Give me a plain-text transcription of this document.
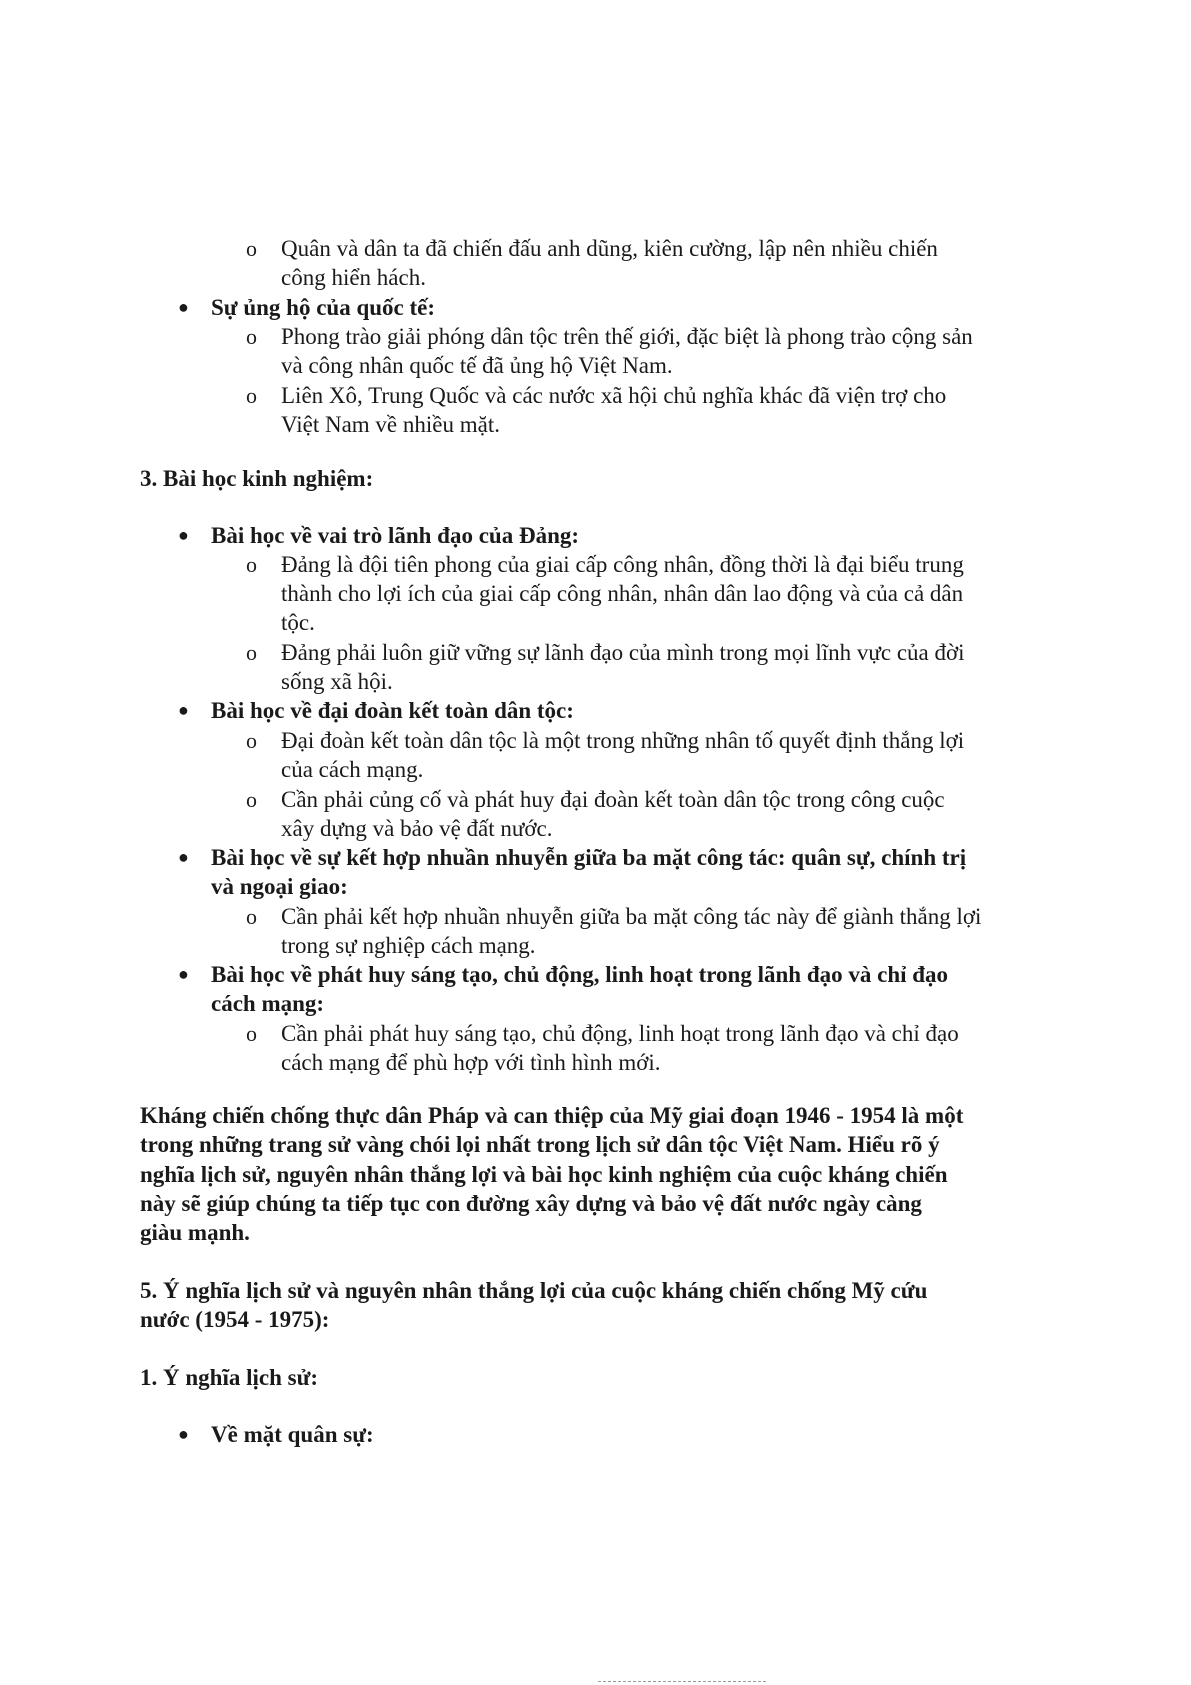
o Quân và dân ta đã chiến đấu anh dũng, kiên cường, lập nên nhiều chiến
công hiển hách.
● Sự ủng hộ của quốc tế:
o Phong trào giải phóng dân tộc trên thế giới, đặc biệt là phong trào cộng sản
và công nhân quốc tế đã ủng hộ Việt Nam.
o Liên Xô, Trung Quốc và các nước xã hội chủ nghĩa khác đã viện trợ cho
Việt Nam về nhiều mặt.
3. Bài học kinh nghiệm:
● Bài học về vai trò lãnh đạo của Đảng:
o Đảng là đội tiên phong của giai cấp công nhân, đồng thời là đại biểu trung
thành cho lợi ích của giai cấp công nhân, nhân dân lao động và của cả dân
tộc.
o Đảng phải luôn giữ vững sự lãnh đạo của mình trong mọi lĩnh vực của đời
sống xã hội.
● Bài học về đại đoàn kết toàn dân tộc:
o Đại đoàn kết toàn dân tộc là một trong những nhân tố quyết định thắng lợi
của cách mạng.
o Cần phải củng cố và phát huy đại đoàn kết toàn dân tộc trong công cuộc
xây dựng và bảo vệ đất nước.
● Bài học về sự kết hợp nhuần nhuyễn giữa ba mặt công tác: quân sự, chính trị
và ngoại giao:
o Cần phải kết hợp nhuần nhuyễn giữa ba mặt công tác này để giành thắng lợi
trong sự nghiệp cách mạng.
● Bài học về phát huy sáng tạo, chủ động, linh hoạt trong lãnh đạo và chỉ đạo
cách mạng:
o Cần phải phát huy sáng tạo, chủ động, linh hoạt trong lãnh đạo và chỉ đạo
cách mạng để phù hợp với tình hình mới.
Kháng chiến chống thực dân Pháp và can thiệp của Mỹ giai đoạn 1946 - 1954 là một
trong những trang sử vàng chói lọi nhất trong lịch sử dân tộc Việt Nam. Hiểu rõ ý
nghĩa lịch sử, nguyên nhân thắng lợi và bài học kinh nghiệm của cuộc kháng chiến
này sẽ giúp chúng ta tiếp tục con đường xây dựng và bảo vệ đất nước ngày càng
giàu mạnh.
5. Ý nghĩa lịch sử và nguyên nhân thắng lợi của cuộc kháng chiến chống Mỹ cứu
nước (1954 - 1975):
1. Ý nghĩa lịch sử:
● Về mặt quân sự:
